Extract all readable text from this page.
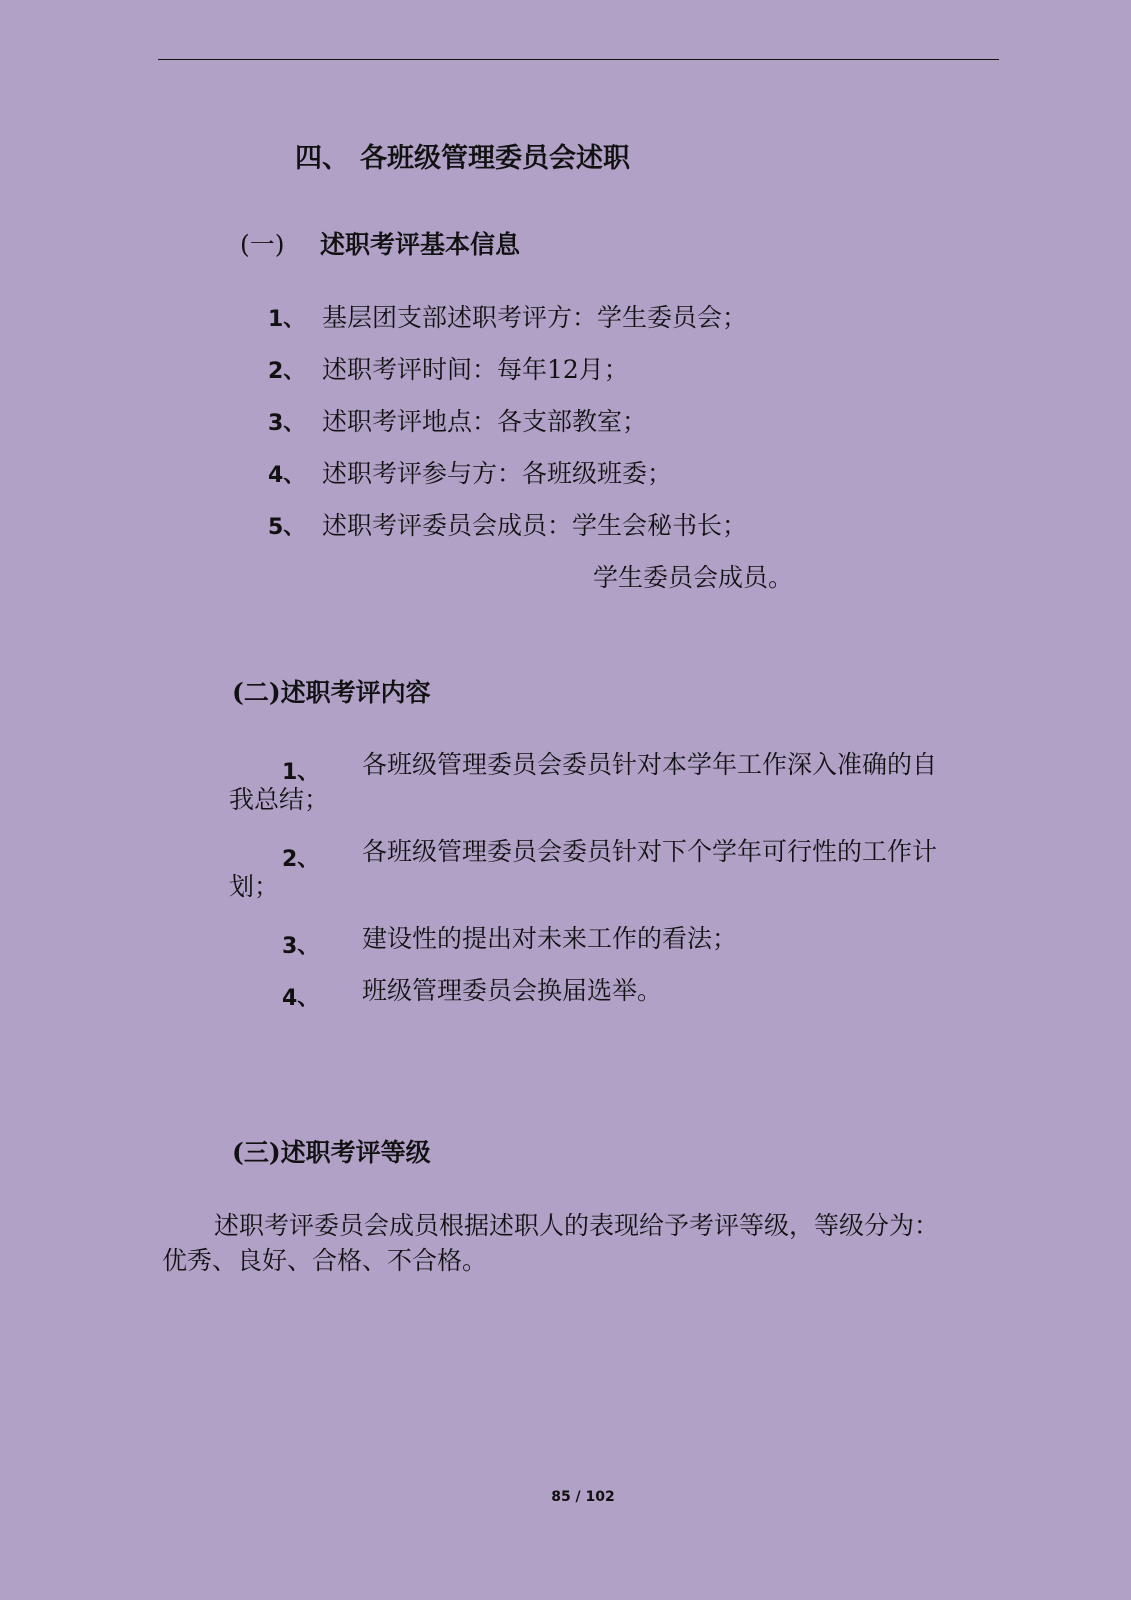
四、 各班级管理委员会述职
(一) 述职考评基本信息
1、 基层团支部述职考评方：学生委员会；
2、 述职考评时间：每年12月；
3、 述职考评地点：各支部教室；
4、 述职考评参与方：各班级班委；
5、 述职考评委员会成员：学生会秘书长；
学生委员会成员。
(二)述职考评内容
1、 各班级管理委员会委员针对本学年工作深入准确的自
我总结；
2、 各班级管理委员会委员针对下个学年可行性的工作计
划；
3、 建设性的提出对未来工作的看法；
4、 班级管理委员会换届选举。
(三)述职考评等级
述职考评委员会成员根据述职人的表现给予考评等级，等级分为：
优秀、良好、合格、不合格。
85 / 102
